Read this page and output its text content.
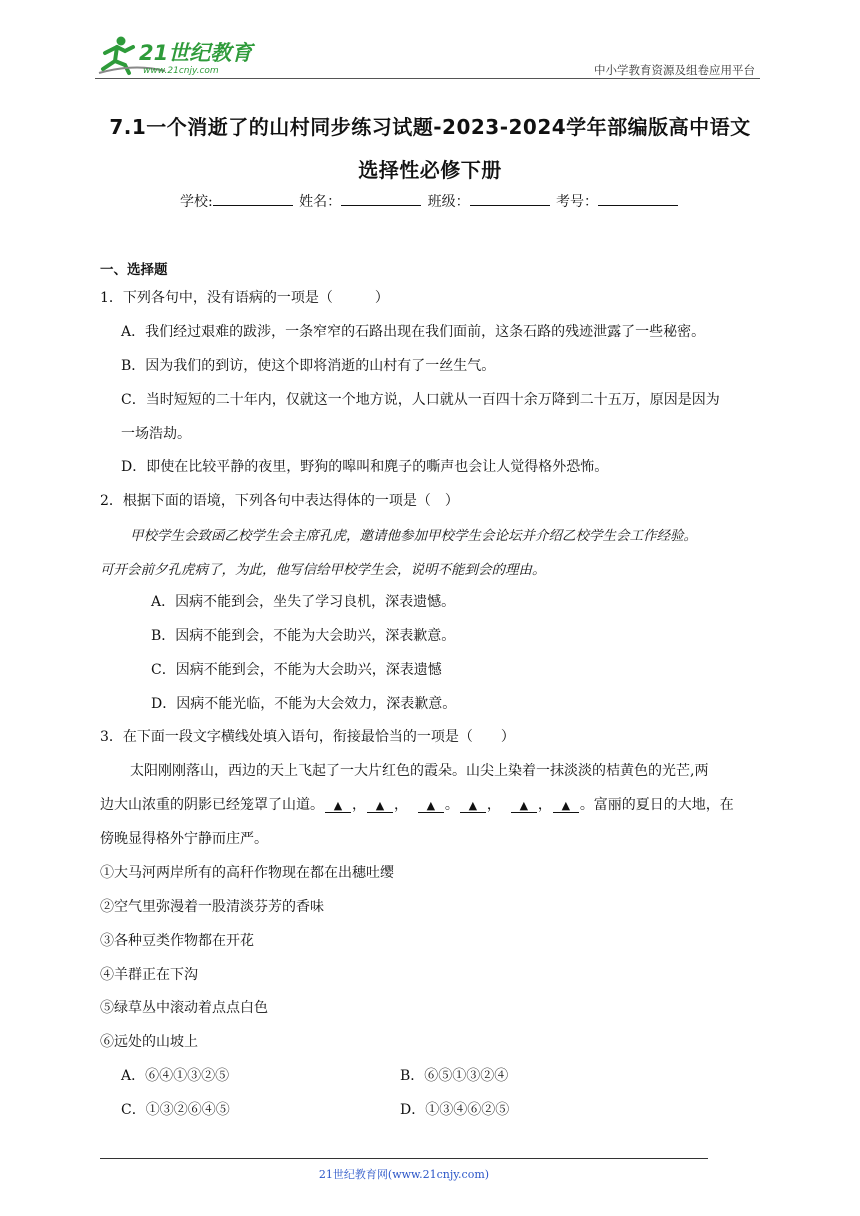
21世纪教育
www.21cnjy.com	中小学教育资源及组卷应用平台
7.1一个消逝了的山村同步练习试题-2023-2024学年部编版高中语文
选择性必修下册
学校:	姓名：	班级：	考号：
一、选择题
1．下列各句中，没有语病的一项是（　　　）
A．我们经过艰难的跋涉，一条窄窄的石路出现在我们面前，这条石路的残迹泄露了一些秘密。
B．因为我们的到访，使这个即将消逝的山村有了一丝生气。
C．当时短短的二十年内，仅就这一个地方说，人口就从一百四十余万降到二十五万，原因是因为
一场浩劫。
D．即使在比较平静的夜里，野狗的嗥叫和麂子的嘶声也会让人觉得格外恐怖。
2．根据下面的语境，下列各句中表达得体的一项是（　）
甲校学生会致函乙校学生会主席孔虎，邀请他参加甲校学生会论坛并介绍乙校学生会工作经验。
可开会前夕孔虎病了，为此，他写信给甲校学生会，说明不能到会的理由。
A．因病不能到会，坐失了学习良机，深表遗憾。
B．因病不能到会，不能为大会助兴，深表歉意。
C．因病不能到会，不能为大会助兴，深表遗憾
D．因病不能光临，不能为大会效力，深表歉意。
3．在下面一段文字横线处填入语句，衔接最恰当的一项是（　　）
太阳刚刚落山，西边的天上飞起了一大片红色的霞朵。山尖上染着一抹淡淡的桔黄色的光芒,两
边大山浓重的阴影已经笼罩了山道。 ▲ ， ▲ ，  ▲ 。 ▲ ，  ▲ ， ▲ 。富丽的夏日的大地，在
傍晚显得格外宁静而庄严。
①大马河两岸所有的高秆作物现在都在出穗吐缨
②空气里弥漫着一股清淡芬芳的香味
③各种豆类作物都在开花
④羊群正在下沟
⑤绿草丛中滚动着点点白色
⑥远处的山坡上
A．⑥④①③②⑤	B．⑥⑤①③②④
C．①③②⑥④⑤	D．①③④⑥②⑤
21世纪教育网(www.21cnjy.com)
